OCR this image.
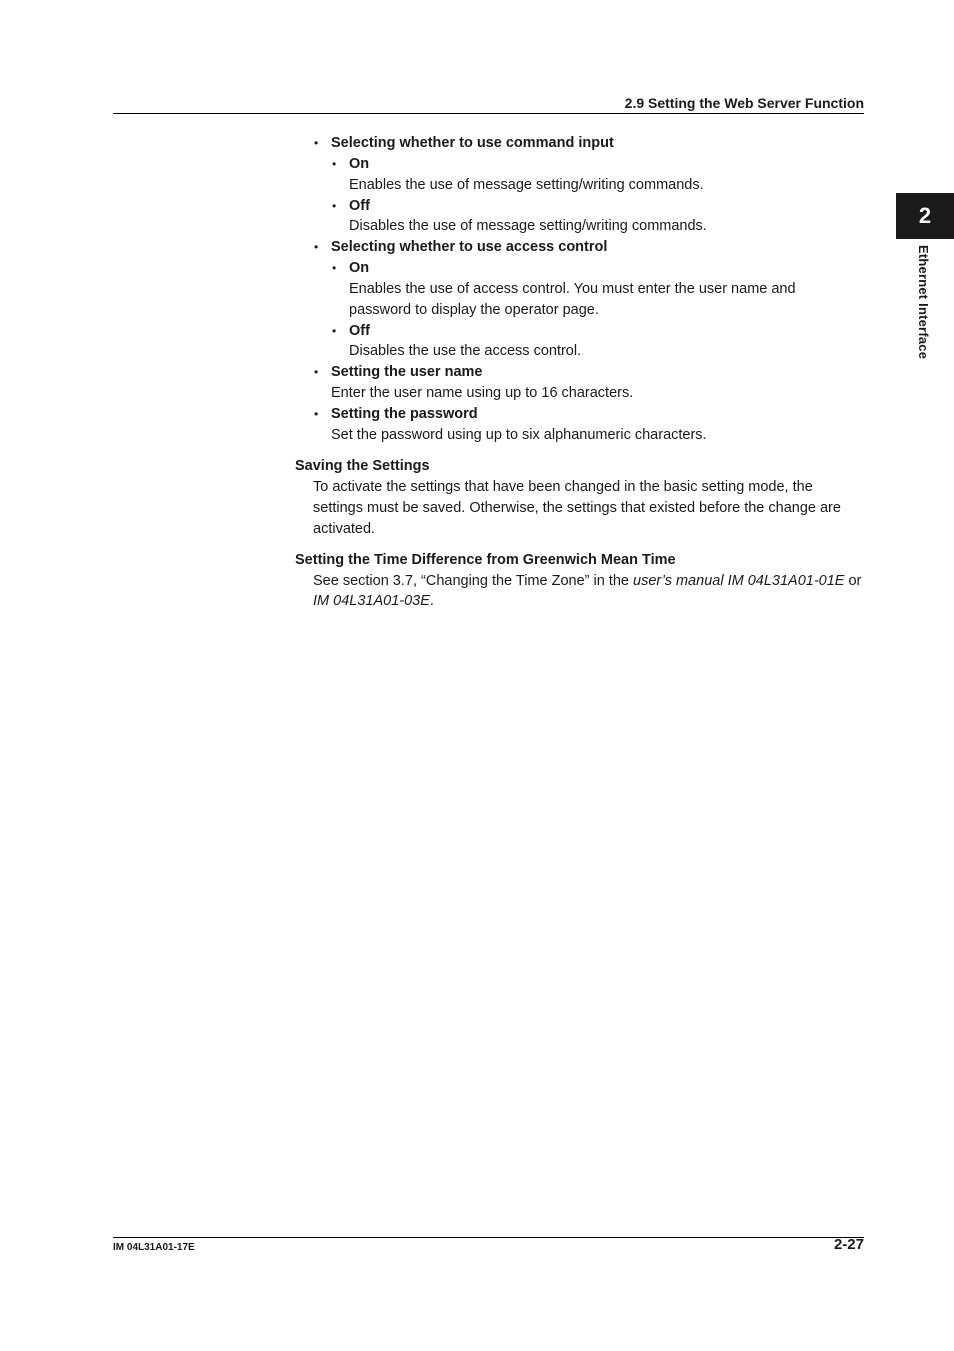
2.9 Setting the Web Server Function
2
Ethernet Interface
• Selecting whether to use command input
• On
Enables the use of message setting/writing commands.
• Off
Disables the use of message setting/writing commands.
• Selecting whether to use access control
• On
Enables the use of access control. You must enter the user name and
password to display the operator page.
• Off
Disables the use the access control.
• Setting the user name
Enter the user name using up to 16 characters.
• Setting the password
Set the password using up to six alphanumeric characters.
Saving the Settings
To activate the settings that have been changed in the basic setting mode, the
settings must be saved. Otherwise, the settings that existed before the change are
activated.
Setting the Time Difference from Greenwich Mean Time
See section 3.7, “Changing the Time Zone” in the user’s manual IM 04L31A01-01E or
IM 04L31A01-03E.
IM 04L31A01-17E	2-27
